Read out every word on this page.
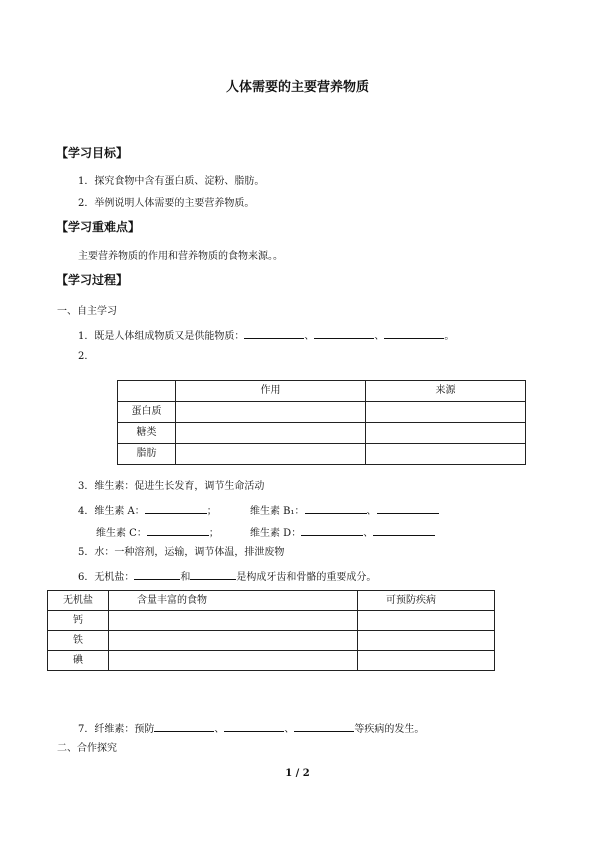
人体需要的主要营养物质
【学习目标】
1．探究食物中含有蛋白质、淀粉、脂肪。
2．举例说明人体需要的主要营养物质。
【学习重难点】
主要营养物质的作用和营养物质的食物来源。。
【学习过程】
一、自主学习
1．既是人体组成物质又是供能物质：	、	、	。
2．
	作用	来源
蛋白质		
糖类		
脂肪		
3．维生素：促进生长发育，调节生命活动
4．维生素 A：	；	维生素 B₁：	、
维生素 C：	；	维生素 D：	、
5．水：一种溶剂，运输，调节体温，排泄废物
6．无机盐：	和	是构成牙齿和骨骼的重要成分。
无机盐	含量丰富的食物	可预防疾病
钙		
铁		
碘		
7．纤维素：预防	、	、	等疾病的发生。
二、合作探究
1 / 2
